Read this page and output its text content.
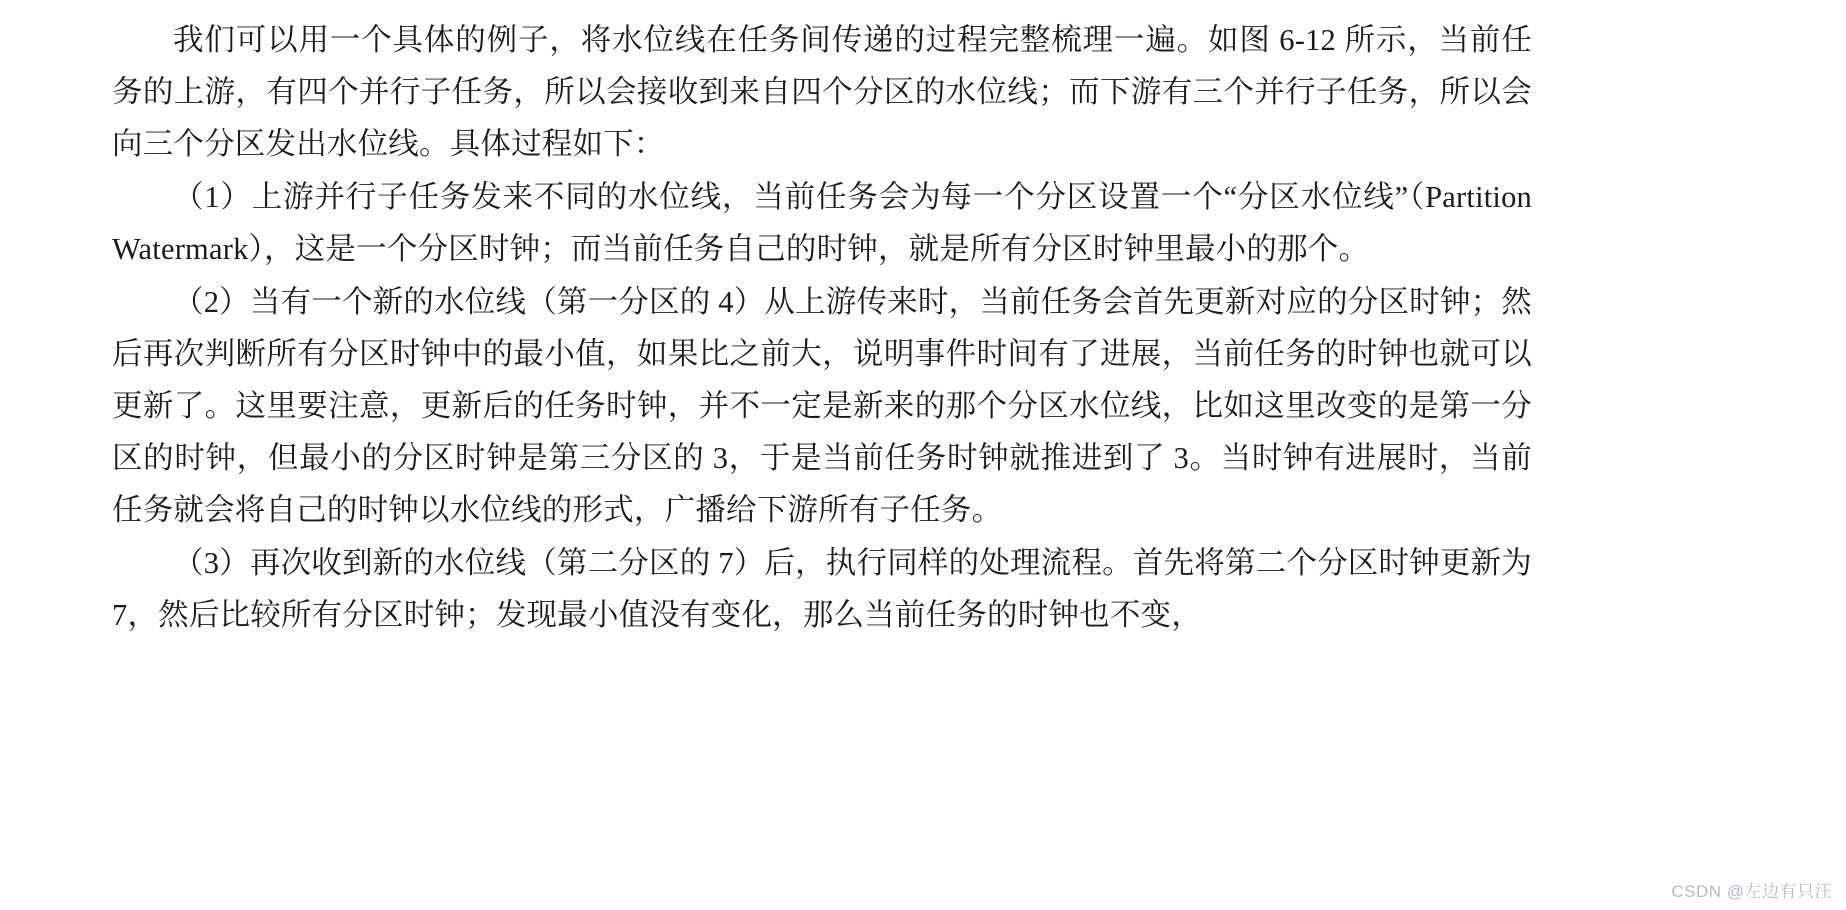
我们可以用一个具体的例子，将水位线在任务间传递的过程完整梳理一遍。如图 6-12 所示，当前任务的上游，有四个并行子任务，所以会接收到来自四个分区的水位线；而下游有三个并行子任务，所以会向三个分区发出水位线。具体过程如下：

（1）上游并行子任务发来不同的水位线，当前任务会为每一个分区设置一个“分区水位线”（Partition Watermark），这是一个分区时钟；而当前任务自己的时钟，就是所有分区时钟里最小的那个。

（2）当有一个新的水位线（第一分区的 4）从上游传来时，当前任务会首先更新对应的分区时钟；然后再次判断所有分区时钟中的最小值，如果比之前大，说明事件时间有了进展，当前任务的时钟也就可以更新了。这里要注意，更新后的任务时钟，并不一定是新来的那个分区水位线，比如这里改变的是第一分区的时钟，但最小的分区时钟是第三分区的 3，于是当前任务时钟就推进到了 3。当时钟有进展时，当前任务就会将自己的时钟以水位线的形式，广播给下游所有子任务。

（3）再次收到新的水位线（第二分区的 7）后，执行同样的处理流程。首先将第二个分区时钟更新为 7，然后比较所有分区时钟；发现最小值没有变化，那么当前任务的时钟也不变，

CSDN @左边有只汪
